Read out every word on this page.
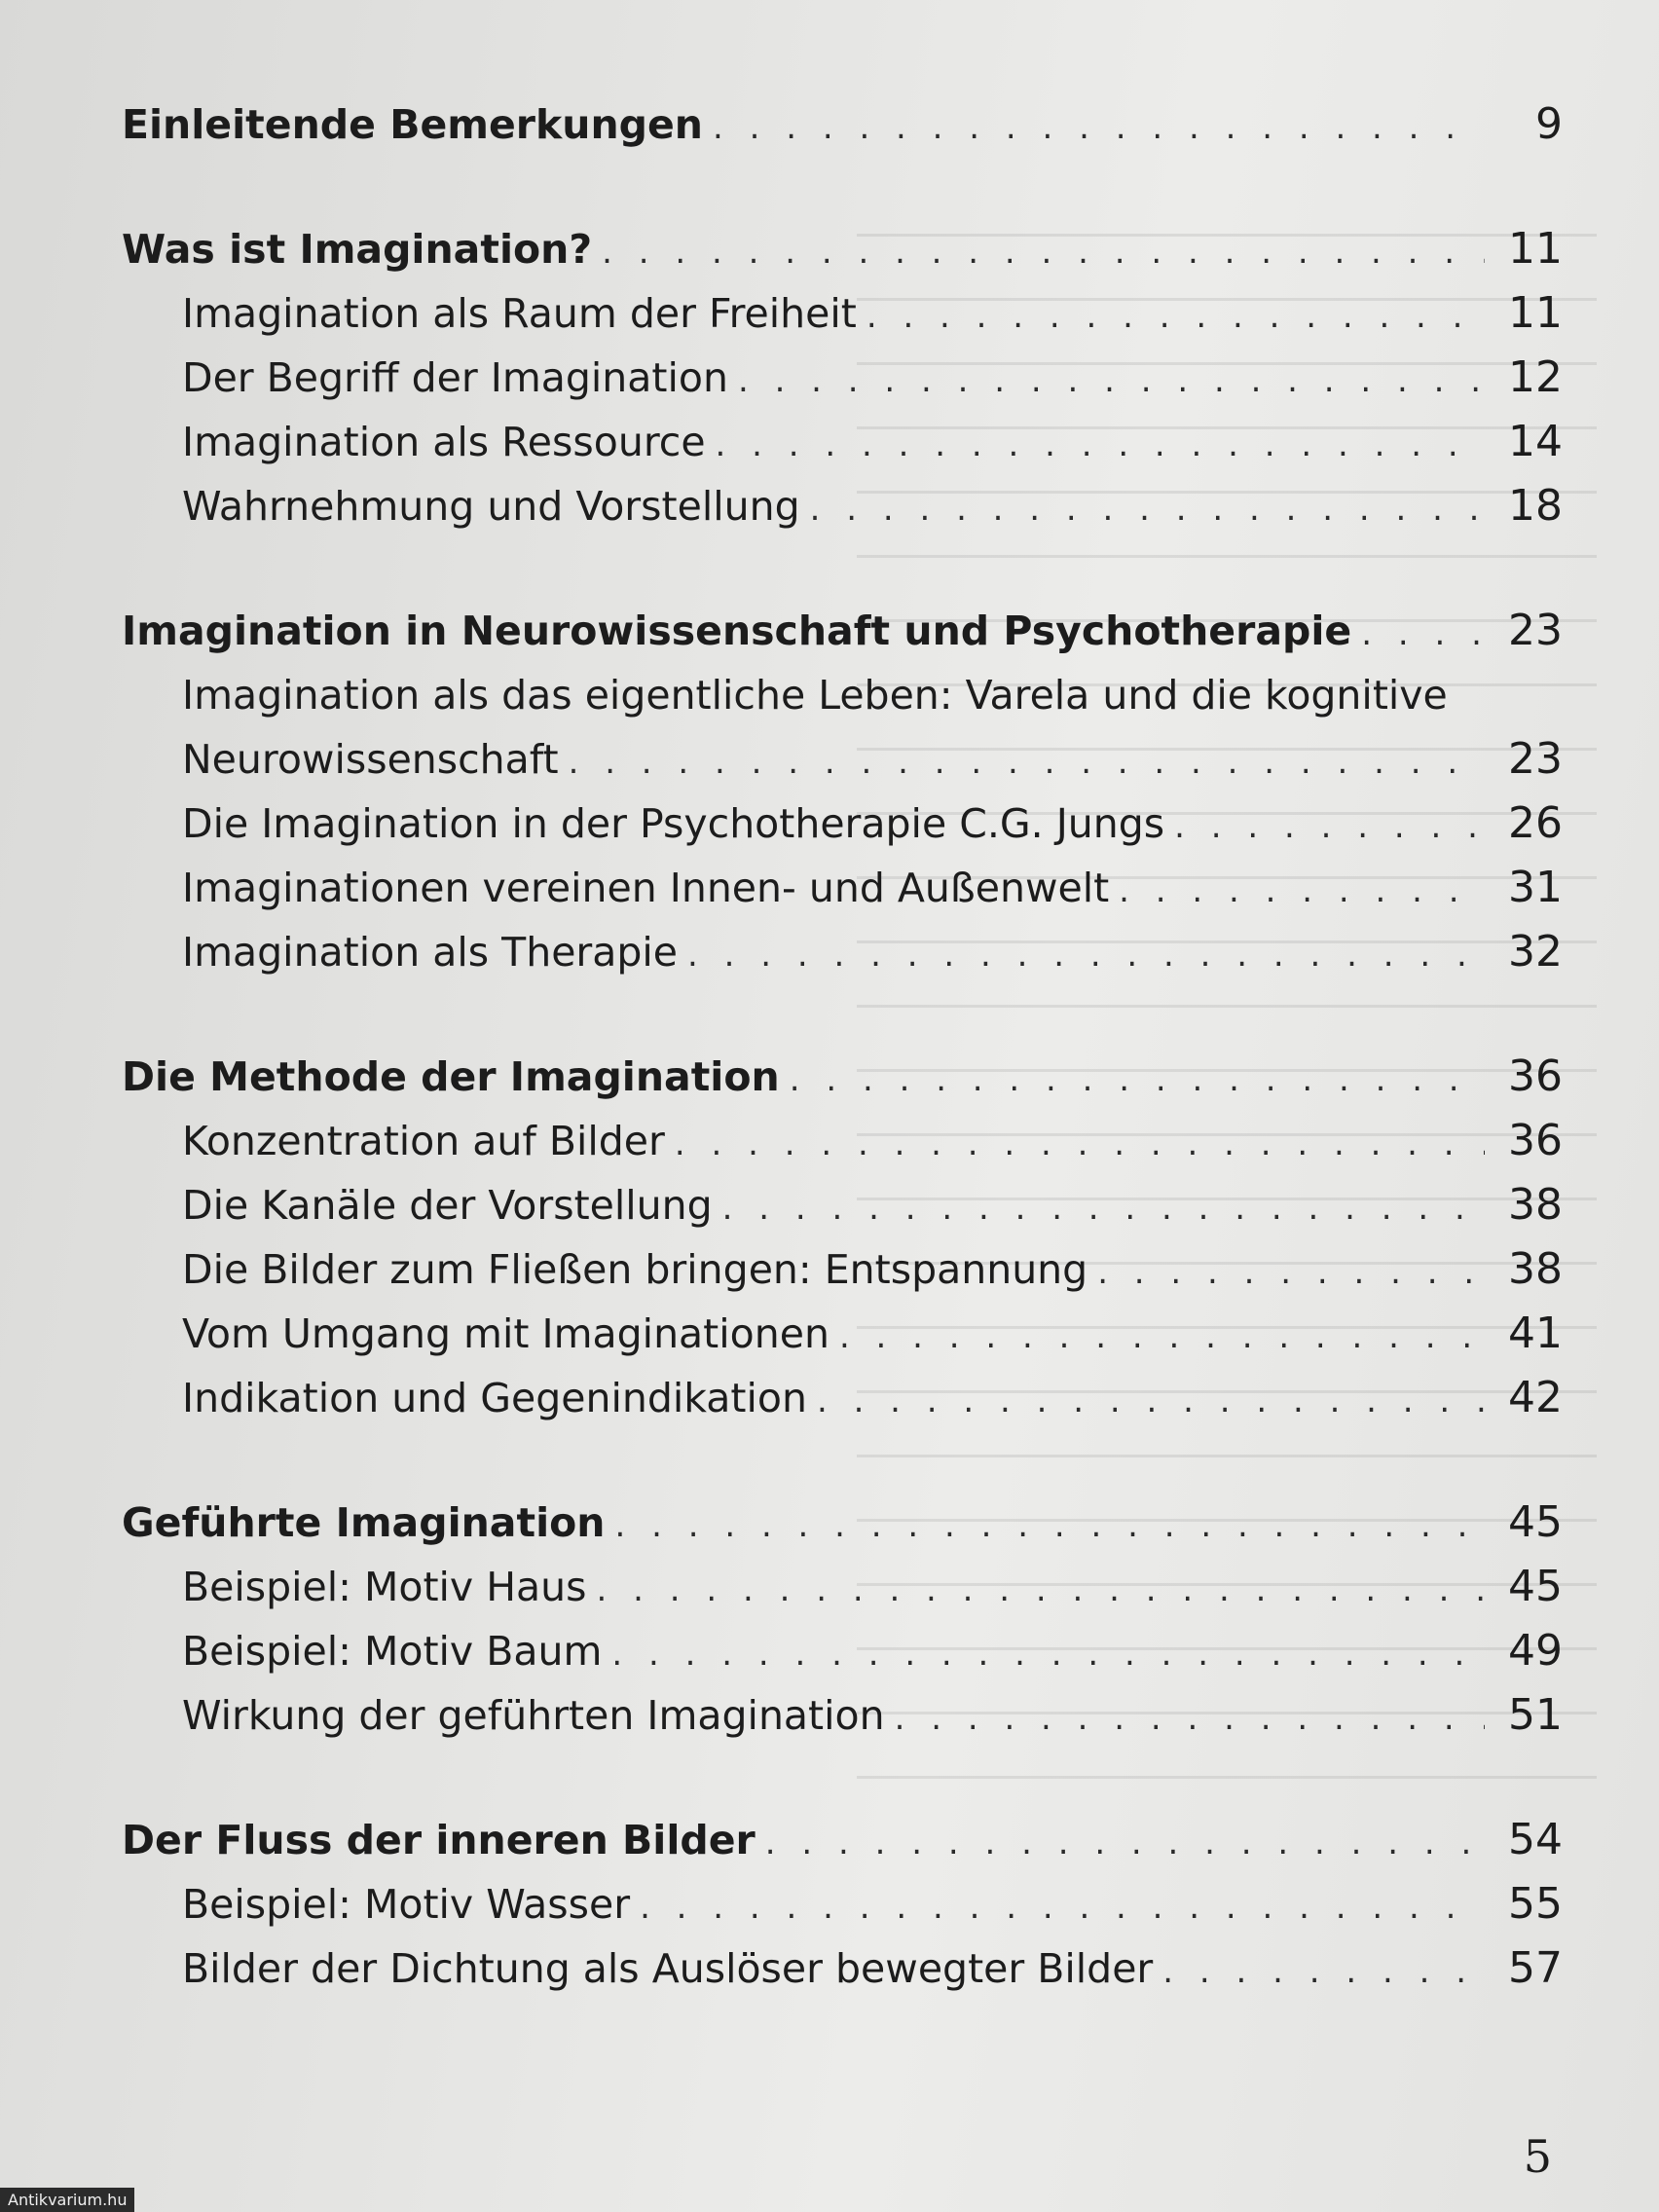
Einleitende Bemerkungen . . .	9
Was ist Imagination? . . .	11
Imagination als Raum der Freiheit . . .	11
Der Begriff der Imagination . . .	12
Imagination als Ressource . . .	14
Wahrnehmung und Vorstellung . . .	18
Imagination in Neurowissenschaft und Psychotherapie . . .	23
Imagination als das eigentliche Leben: Varela und die kognitive
Neurowissenschaft . . .	23
Die Imagination in der Psychotherapie C.G. Jungs . . .	26
Imaginationen vereinen Innen- und Außenwelt . . .	31
Imagination als Therapie . . .	32
Die Methode der Imagination . . .	36
Konzentration auf Bilder . . .	36
Die Kanäle der Vorstellung . . .	38
Die Bilder zum Fließen bringen: Entspannung . . .	38
Vom Umgang mit Imaginationen . . .	41
Indikation und Gegenindikation . . .	42
Geführte Imagination . . .	45
Beispiel: Motiv Haus . . .	45
Beispiel: Motiv Baum . . .	49
Wirkung der geführten Imagination . . .	51
Der Fluss der inneren Bilder . . .	54
Beispiel: Motiv Wasser . . .	55
Bilder der Dichtung als Auslöser bewegter Bilder . . .	57
5
Antikvarium.hu
